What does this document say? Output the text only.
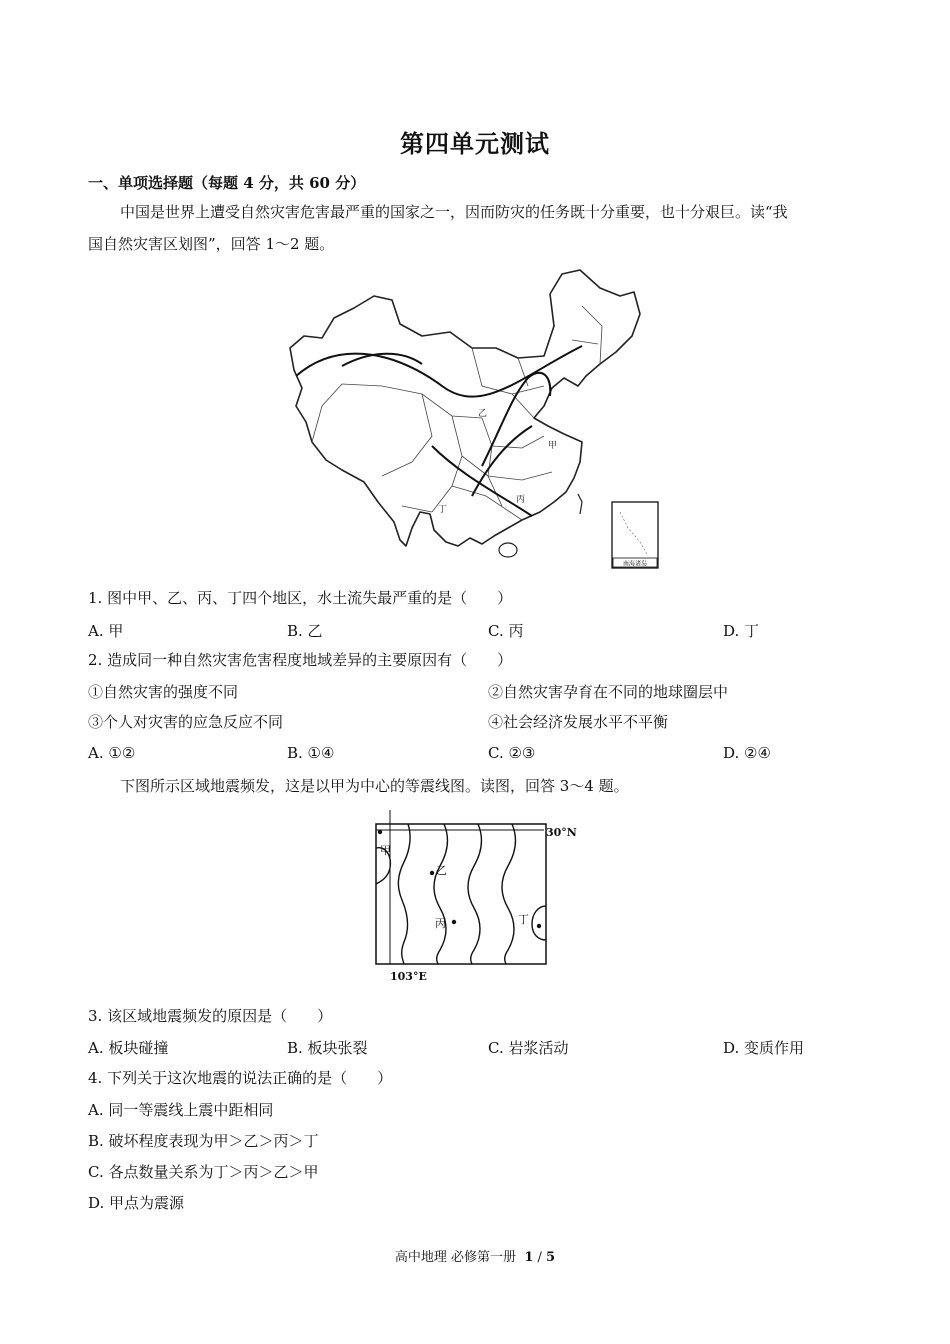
第四单元测试
一、单项选择题（每题 4 分，共 60 分）
中国是世界上遭受自然灾害危害最严重的国家之一，因而防灾的任务既十分重要，也十分艰巨。读“我
国自然灾害区划图”，回答 1～2 题。
甲
乙
丙
丁
南海诸岛
1. 图中甲、乙、丙、丁四个地区，水土流失最严重的是（　　）
A. 甲	B. 乙	C. 丙	D. 丁
2. 造成同一种自然灾害危害程度地域差异的主要原因有（　　）
①自然灾害的强度不同	②自然灾害孕育在不同的地球圈层中
③个人对灾害的应急反应不同	④社会经济发展水平不平衡
A. ①②	B. ①④	C. ②③	D. ②④
下图所示区域地震频发，这是以甲为中心的等震线图。读图，回答 3～4 题。
甲
乙
丙	丁
30°N
103°E
3. 该区域地震频发的原因是（　　）
A. 板块碰撞	B. 板块张裂	C. 岩浆活动	D. 变质作用
4. 下列关于这次地震的说法正确的是（　　）
A. 同一等震线上震中距相同
B. 破坏程度表现为甲＞乙＞丙＞丁
C. 各点数量关系为丁＞丙＞乙＞甲
D. 甲点为震源
高中地理 必修第一册 1 / 5
